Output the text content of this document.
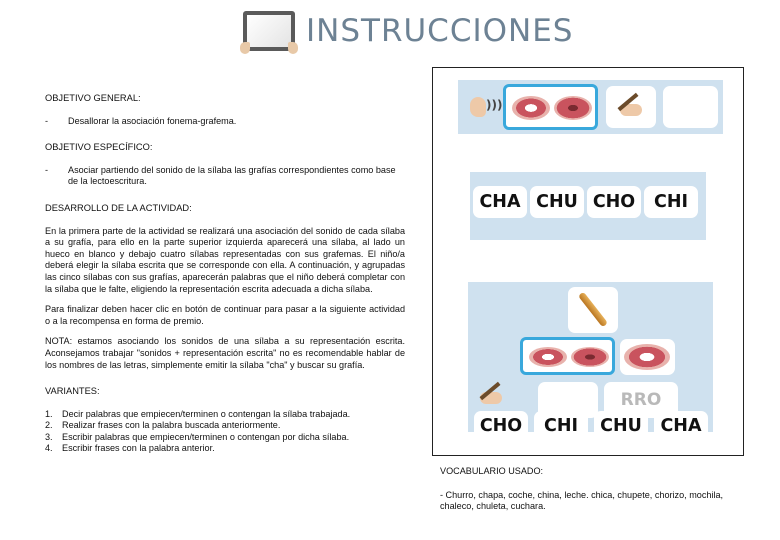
INSTRUCCIONES
OBJETIVO GENERAL:
-	Desallorar la asociación fonema-grafema.
OBJETIVO ESPECÍFICO:
-	Asociar partiendo del sonido de la sílaba las grafías correspondientes como base de la lectoescritura.
DESARROLLO DE LA ACTIVIDAD:
En la primera parte de la actividad se realizará una asociación del sonido de cada sílaba a su grafía, para ello en la parte superior izquierda aparecerá una sílaba, al lado un hueco en blanco y debajo cuatro sílabas representadas con sus grafemas. El niño/a deberá elegir la sílaba escrita que se corresponde con ella. A continuación, y agrupadas las cinco sílabas con sus grafías, aparecerán palabras que el niño deberá completar con la sílaba que le falte, eligiendo la representación escrita adecuada a dicha sílaba.
Para finalizar deben hacer clic en botón de continuar para pasar a la siguiente actividad o a la recompensa en forma de premio.
NOTA: estamos asociando los sonidos de una sílaba a su representación escrita. Aconsejamos trabajar "sonidos + representación escrita" no es recomendable hablar de los nombres de las letras, simplemente emitir la sílaba "cha" y buscar su grafía.
VARIANTES:
1.	Decir palabras que empiecen/terminen o contengan la sílaba trabajada.
2.	Realizar frases con la palabra buscada anteriormente.
3.	Escribir palabras que empiecen/terminen o contengan por dicha sílaba.
4.	Escribir frases con la palabra anterior.
)))
CHA CHU CHO	CHI
RRO
CHO	CHI	CHU	CHA
VOCABULARIO USADO:
- Churro, chapa, coche, china, leche. chica, chupete, chorizo, mochila, chaleco, chuleta, cuchara.
